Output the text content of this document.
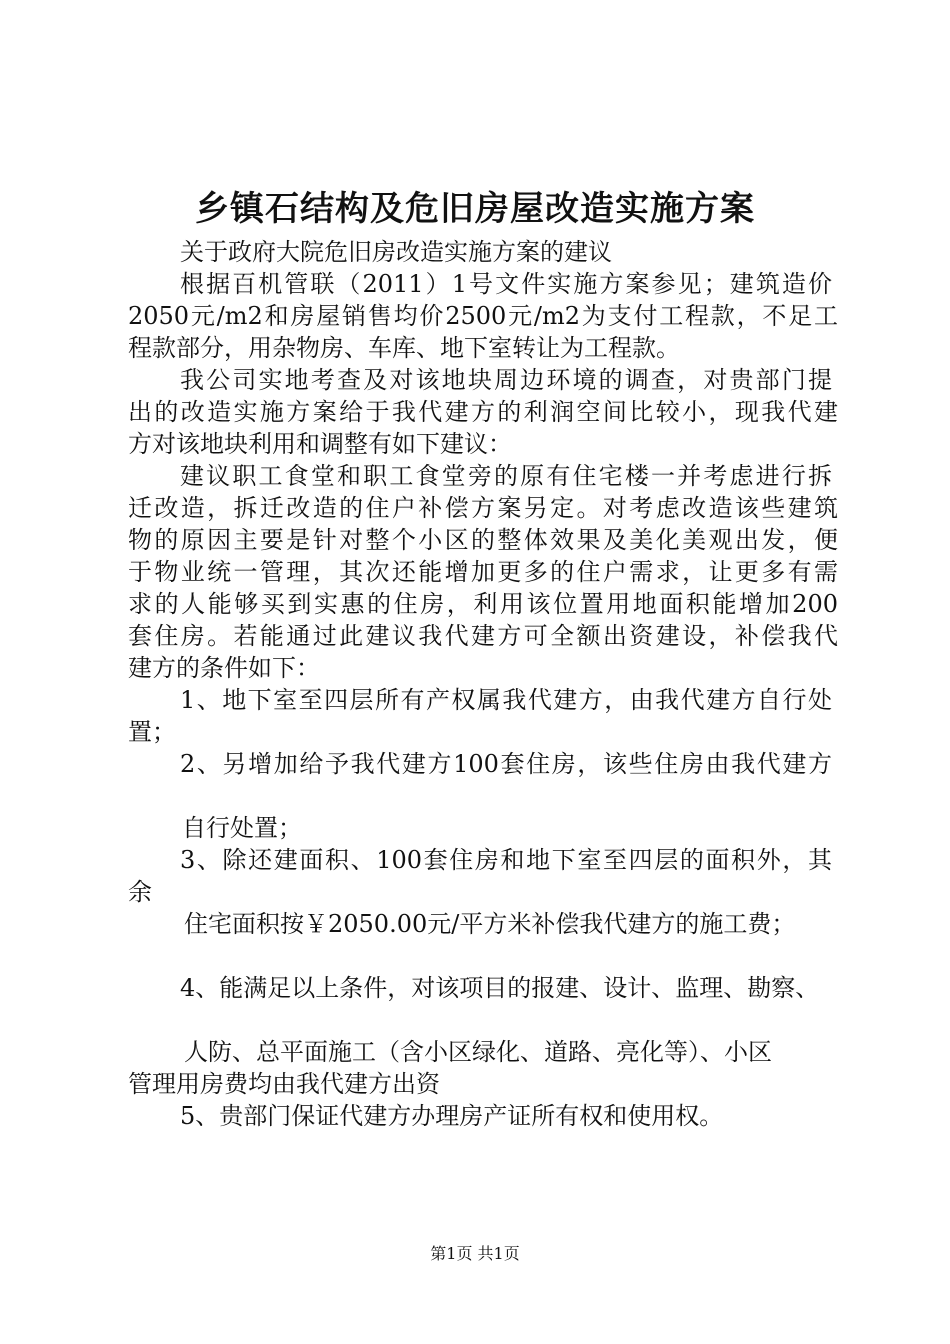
乡镇石结构及危旧房屋改造实施方案
关于政府大院危旧房改造实施方案的建议
根据百机管联（2011）1号文件实施方案参见；建筑造价
2050元/m2和房屋销售均价2500元/m2为支付工程款，不足工
程款部分，用杂物房、车库、地下室转让为工程款。
我公司实地考查及对该地块周边环境的调查，对贵部门提
出的改造实施方案给于我代建方的利润空间比较小，现我代建
方对该地块利用和调整有如下建议：
建议职工食堂和职工食堂旁的原有住宅楼一并考虑进行拆
迁改造，拆迁改造的住户补偿方案另定。对考虑改造该些建筑
物的原因主要是针对整个小区的整体效果及美化美观出发，便
于物业统一管理，其次还能增加更多的住户需求，让更多有需
求的人能够买到实惠的住房，利用该位置用地面积能增加200
套住房。若能通过此建议我代建方可全额出资建设，补偿我代
建方的条件如下：
1、地下室至四层所有产权属我代建方，由我代建方自行处
置；
2、另增加给予我代建方100套住房，该些住房由我代建方
自行处置；
3、除还建面积、100套住房和地下室至四层的面积外，其
余
住宅面积按￥2050.00元/平方米补偿我代建方的施工费；
4、能满足以上条件，对该项目的报建、设计、监理、勘察、
人防、总平面施工（含小区绿化、道路、亮化等）、小区
管理用房费均由我代建方出资
5、贵部门保证代建方办理房产证所有权和使用权。
第1页 共1页
